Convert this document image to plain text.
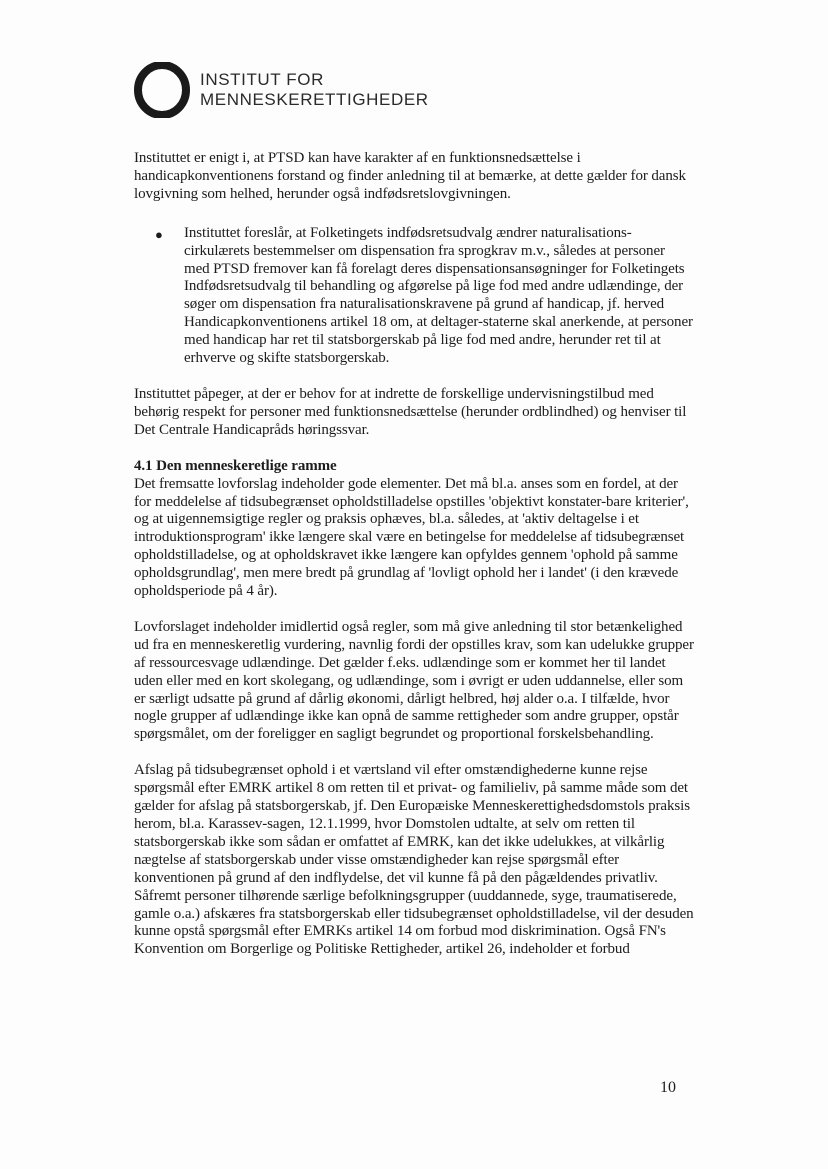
INSTITUT FOR
MENNESKERETTIGHEDER

Instituttet er enigt i, at PTSD kan have karakter af en funktionsnedsættelse i handicapkonventionens forstand og finder anledning til at bemærke, at dette gælder for dansk lovgivning som helhed, herunder også indfødsretslovgivningen.

● Instituttet foreslår, at Folketingets indfødsretsudvalg ændrer naturalisations-cirkulærets bestemmelser om dispensation fra sprogkrav m.v., således at personer med PTSD fremover kan få forelagt deres dispensationsansøgninger for Folketingets Indfødsretsudvalg til behandling og afgørelse på lige fod med andre udlændinge, der søger om dispensation fra naturalisationskravene på grund af handicap, jf. herved Handicapkonventionens artikel 18 om, at deltager-staterne skal anerkende, at personer med handicap har ret til statsborgerskab på lige fod med andre, herunder ret til at erhverve og skifte statsborgerskab.

Instituttet påpeger, at der er behov for at indrette de forskellige undervisningstilbud med behørig respekt for personer med funktionsnedsættelse (herunder ordblindhed) og henviser til Det Centrale Handicapråds høringssvar.

4.1 Den menneskeretlige ramme

Det fremsatte lovforslag indeholder gode elementer. Det må bl.a. anses som en fordel, at der for meddelelse af tidsubegrænset opholdstilladelse opstilles 'objektivt konstater-bare kriterier', og at uigennemsigtige regler og praksis ophæves, bl.a. således, at 'aktiv deltagelse i et introduktionsprogram' ikke længere skal være en betingelse for meddelelse af tidsubegrænset opholdstilladelse, og at opholdskravet ikke længere kan opfyldes gennem 'ophold på samme opholdsgrundlag', men mere bredt på grundlag af 'lovligt ophold her i landet' (i den krævede opholdsperiode på 4 år).

Lovforslaget indeholder imidlertid også regler, som må give anledning til stor betænkelighed ud fra en menneskeretlig vurdering, navnlig fordi der opstilles krav, som kan udelukke grupper af ressourcesvage udlændinge. Det gælder f.eks. udlændinge som er kommet her til landet uden eller med en kort skolegang, og udlændinge, som i øvrigt er uden uddannelse, eller som er særligt udsatte på grund af dårlig økonomi, dårligt helbred, høj alder o.a. I tilfælde, hvor nogle grupper af udlændinge ikke kan opnå de samme rettigheder som andre grupper, opstår spørgsmålet, om der foreligger en sagligt begrundet og proportional forskelsbehandling.

Afslag på tidsubegrænset ophold i et værtsland vil efter omstændighederne kunne rejse spørgsmål efter EMRK artikel 8 om retten til et privat- og familieliv, på samme måde som det gælder for afslag på statsborgerskab, jf. Den Europæiske Menneskerettighedsdomstols praksis herom, bl.a. Karassev-sagen, 12.1.1999, hvor Domstolen udtalte, at selv om retten til statsborgerskab ikke som sådan er omfattet af EMRK, kan det ikke udelukkes, at vilkårlig nægtelse af statsborgerskab under visse omstændigheder kan rejse spørgsmål efter konventionen på grund af den indflydelse, det vil kunne få på den pågældendes privatliv. Såfremt personer tilhørende særlige befolkningsgrupper (uuddannede, syge, traumatiserede, gamle o.a.) afskæres fra statsborgerskab eller tidsubegrænset opholdstilladelse, vil der desuden kunne opstå spørgsmål efter EMRKs artikel 14 om forbud mod diskrimination. Også FN's Konvention om Borgerlige og Politiske Rettigheder, artikel 26, indeholder et forbud

10
